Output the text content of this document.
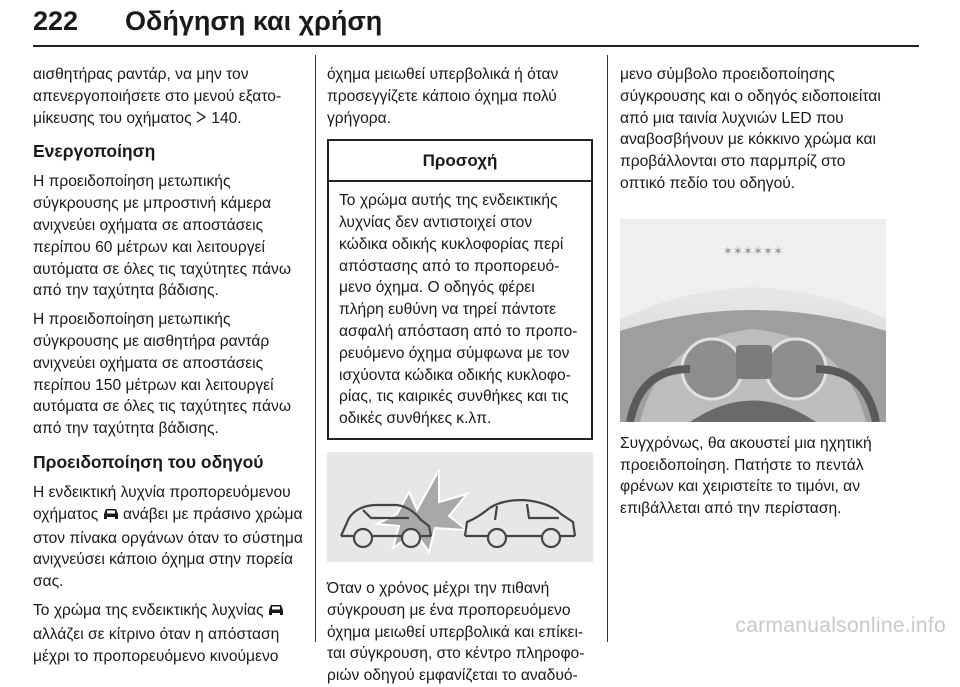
222 Οδήγηση και χρήση

αισθητήρας ραντάρ, να μην τον απενεργοποιήσετε στο μενού εξατομίκευσης του οχήματος 140.

Ενεργοποίηση

Η προειδοποίηση μετωπικής σύγκρουσης με μπροστινή κάμερα ανιχνεύει οχήματα σε αποστάσεις περίπου 60 μέτρων και λειτουργεί αυτόματα σε όλες τις ταχύτητες πάνω από την ταχύτητα βάδισης.

Η προειδοποίηση μετωπικής σύγκρουσης με αισθητήρα ραντάρ ανιχνεύει οχήματα σε αποστάσεις περίπου 150 μέτρων και λειτουργεί αυτόματα σε όλες τις ταχύτητες πάνω από την ταχύτητα βάδισης.

Προειδοποίηση του οδηγού

Η ενδεικτική λυχνία προπορευόμενου οχήματος ανάβει με πράσινο χρώμα στον πίνακα οργάνων όταν το σύστημα ανιχνεύσει κάποιο όχημα στην πορεία σας.

Το χρώμα της ενδεικτικής λυχνίας  αλλάζει σε κίτρινο όταν η απόσταση μέχρι το προπορευόμενο κινούμενο

όχημα μειωθεί υπερβολικά ή όταν προσεγγίζετε κάποιο όχημα πολύ γρήγορα.

Προσοχή
Το χρώμα αυτής της ενδεικτικής λυχνίας δεν αντιστοιχεί στον κώδικα οδικής κυκλοφορίας περί απόστασης από το προπορευόμενο όχημα. Ο οδηγός φέρει πλήρη ευθύνη να τηρεί πάντοτε ασφαλή απόσταση από το προπορευόμενο όχημα σύμφωνα με τον ισχύοντα κώδικα οδικής κυκλοφορίας, τις καιρικές συνθήκες και τις οδικές συνθήκες κ.λπ.

Όταν ο χρόνος μέχρι την πιθανή σύγκρουση με ένα προπορευόμενο όχημα μειωθεί υπερβολικά και επίκειται σύγκρουση, στο κέντρο πληροφοριών οδηγού εμφανίζεται το αναδυό-

μενο σύμβολο προειδοποίησης σύγκρουσης και ο οδηγός ειδοποιείται από μια ταινία λυχνιών LED που αναβοσβήνουν με κόκκινο χρώμα και προβάλλονται στο παρμπρίζ στο οπτικό πεδίο του οδηγού.

✶✶✶✶✶✶

Συγχρόνως, θα ακουστεί μια ηχητική προειδοποίηση. Πατήστε το πεντάλ φρένων και χειριστείτε το τιμόνι, αν επιβάλλεται από την περίσταση.

carmanualsonline.info
